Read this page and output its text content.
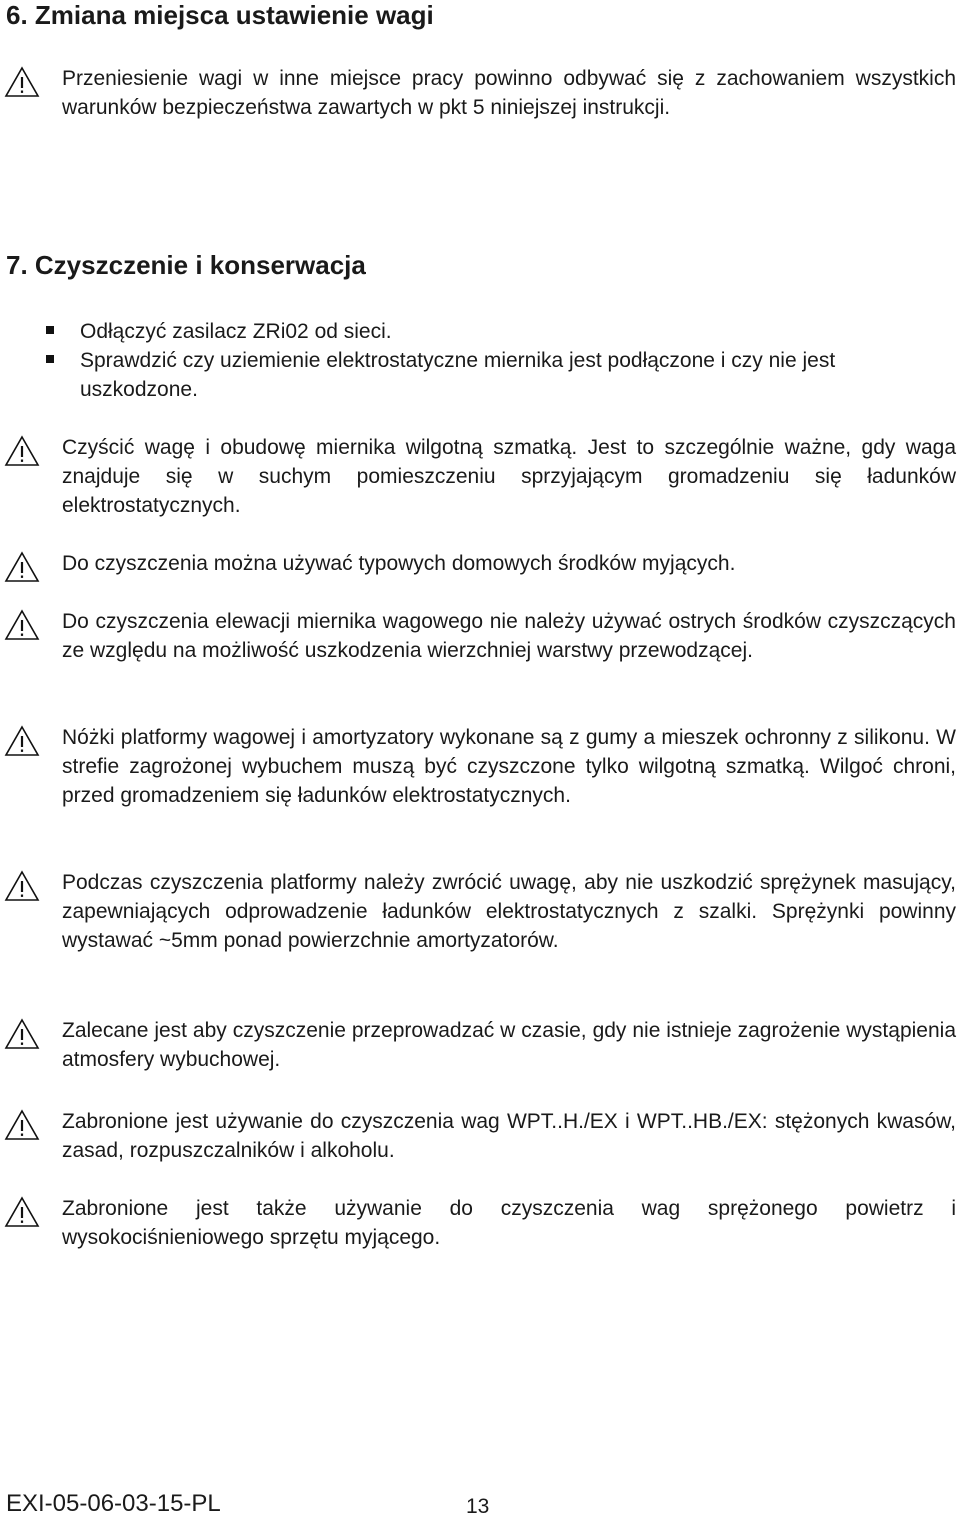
6. Zmiana miejsca ustawienie wagi

Przeniesienie wagi w inne miejsce pracy powinno odbywać się z zachowaniem wszystkich warunków bezpieczeństwa zawartych w pkt 5 niniejszej instrukcji.

7. Czyszczenie i konserwacja
Odłączyć zasilacz ZRi02 od sieci.
Sprawdzić czy uziemienie elektrostatyczne miernika jest podłączone i czy nie jest uszkodzone.

Czyścić wagę i obudowę miernika wilgotną szmatką. Jest to szczególnie ważne, gdy waga znajduje się w suchym pomieszczeniu sprzyjającym gromadzeniu się ładunków elektrostatycznych.

Do czyszczenia można używać typowych domowych środków myjących.

Do czyszczenia elewacji miernika wagowego nie należy używać ostrych środków czyszczących ze względu na możliwość uszkodzenia wierzchniej warstwy przewodzącej.

Nóżki platformy wagowej i amortyzatory wykonane są z gumy a mieszek ochronny z silikonu. W strefie zagrożonej wybuchem muszą być czyszczone tylko wilgotną szmatką. Wilgoć chroni, przed gromadzeniem się ładunków elektrostatycznych.

Podczas czyszczenia platformy należy zwrócić uwagę, aby nie uszkodzić sprężynek masujący, zapewniających odprowadzenie ładunków elektrostatycznych z szalki. Sprężynki powinny wystawać ~5mm ponad powierzchnie amortyzatorów.

Zalecane jest aby czyszczenie przeprowadzać w czasie, gdy nie istnieje zagrożenie wystąpienia atmosfery wybuchowej.

Zabronione jest używanie do czyszczenia wag WPT..H./EX i WPT..HB./EX: stężonych kwasów, zasad, rozpuszczalników i alkoholu.

Zabronione jest także używanie do czyszczenia wag sprężonego powietrz i wysokociśnieniowego sprzętu myjącego.

EXI-05-06-03-15-PL	13
